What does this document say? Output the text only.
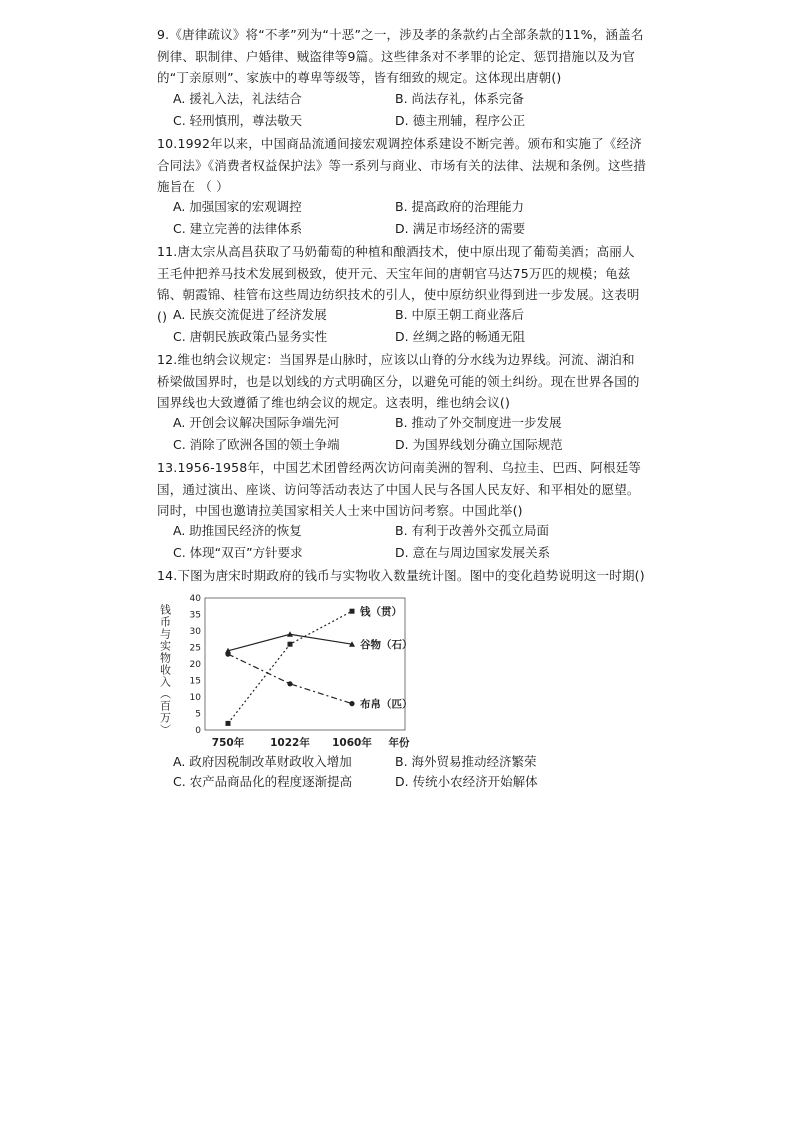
9.《唐律疏议》将“不孝”列为“十恶”之一，涉及孝的条款约占全部条款的11%，涵盖名例律、职制律、户婚律、贼盗律等9篇。这些律条对不孝罪的论定、惩罚措施以及为官的“丁亲原则”、家族中的尊卑等级等，皆有细致的规定。这体现出唐朝()
A. 援礼入法，礼法结合	B. 尚法存礼，体系完备
C. 轻刑慎刑，尊法敬天	D. 德主刑辅，程序公正
10.1992年以来，中国商品流通间接宏观调控体系建设不断完善。颁布和实施了《经济合同法》《消费者权益保护法》等一系列与商业、市场有关的法律、法规和条例。这些措施旨在 （ ）
A. 加强国家的宏观调控	B. 提高政府的治理能力
C. 建立完善的法律体系	D. 满足市场经济的需要
11.唐太宗从高昌获取了马奶葡萄的种植和酿酒技术，使中原出现了葡萄美酒；高丽人王毛仲把养马技术发展到极致，使开元、天宝年间的唐朝官马达75万匹的规模；龟兹锦、朝霞锦、桂管布这些周边纺织技术的引人，使中原纺织业得到进一步发展。这表明() A. 民族交流促进了经济发展	B. 中原王朝工商业落后
C. 唐朝民族政策凸显务实性	D. 丝绸之路的畅通无阻
12.维也纳会议规定：当国界是山脉时，应该以山脊的分水线为边界线。河流、湖泊和桥梁做国界时，也是以划线的方式明确区分，以避免可能的领土纠纷。现在世界各国的国界线也大致遵循了维也纳会议的规定。这表明，维也纳会议()
A. 开创会议解决国际争端先河	B. 推动了外交制度进一步发展
C. 消除了欧洲各国的领土争端	D. 为国界线划分确立国际规范
13.1956-1958年，中国艺术团曾经两次访问南美洲的智利、乌拉圭、巴西、阿根廷等国，通过演出、座谈、访问等活动表达了中国人民与各国人民友好、和平相处的愿望。同时，中国也邀请拉美国家相关人士来中国访问考察。中国此举()
A. 助推国民经济的恢复	B. 有利于改善外交孤立局面
C. 体现“双百”方针要求	D. 意在与周边国家发展关系
14.下图为唐宋时期政府的钱币与实物收入数量统计图。图中的变化趋势说明这一时期()
0
5
10
15
20
25
30
35
40
钱币与实物收入（百万）
750年 1022年 1060年 年份
钱（贯）
谷物（石）
布帛（匹）
A. 政府因税制改革财政收入增加	B. 海外贸易推动经济繁荣
C. 农产品商品化的程度逐渐提高	D. 传统小农经济开始解体
